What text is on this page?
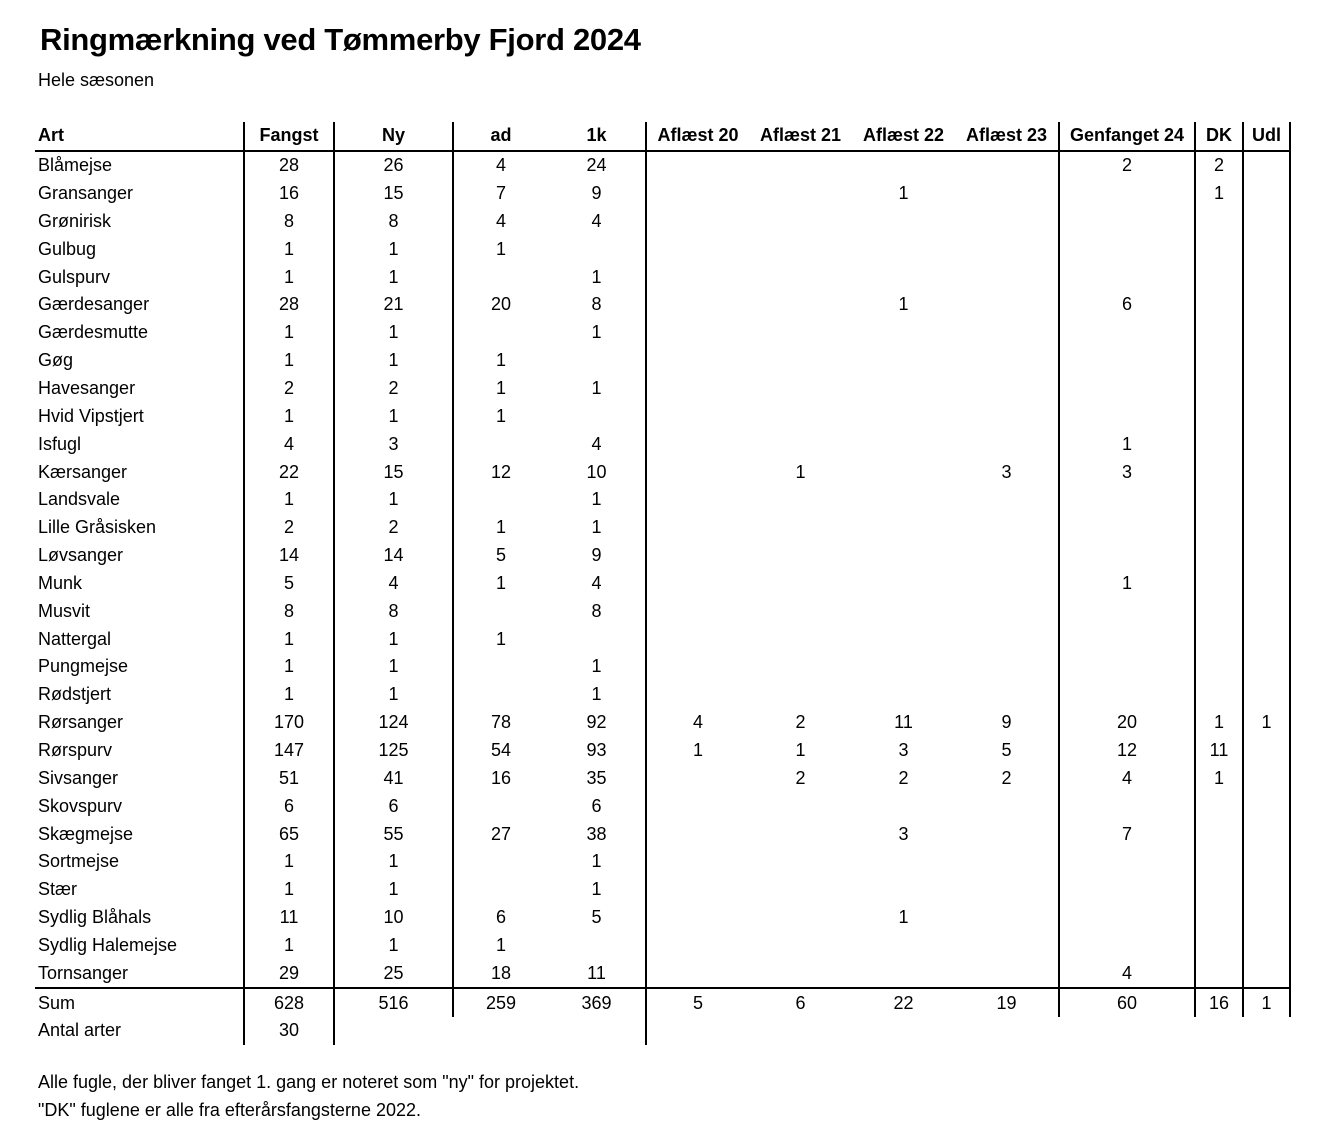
Ringmærkning ved Tømmerby Fjord 2024
Hele sæsonen
Art	Fangst	Ny	ad	1k	Aflæst 20	Aflæst 21	Aflæst 22	Aflæst 23	Genfanget 24	DK	Udl
Blåmejse	28	26	4	24					2	2	
Gransanger	16	15	7	9			1			1	
Grønirisk	8	8	4	4							
Gulbug	1	1	1								
Gulspurv	1	1		1							
Gærdesanger	28	21	20	8			1		6		
Gærdesmutte	1	1		1							
Gøg	1	1	1								
Havesanger	2	2	1	1							
Hvid Vipstjert	1	1	1								
Isfugl	4	3		4					1		
Kærsanger	22	15	12	10		1		3	3		
Landsvale	1	1		1							
Lille Gråsisken	2	2	1	1							
Løvsanger	14	14	5	9							
Munk	5	4	1	4					1		
Musvit	8	8		8							
Nattergal	1	1	1								
Pungmejse	1	1		1							
Rødstjert	1	1		1							
Rørsanger	170	124	78	92	4	2	11	9	20	1	1
Rørspurv	147	125	54	93	1	1	3	5	12	11	
Sivsanger	51	41	16	35		2	2	2	4	1	
Skovspurv	6	6		6							
Skægmejse	65	55	27	38			3		7		
Sortmejse	1	1		1							
Stær	1	1		1							
Sydlig Blåhals	11	10	6	5			1				
Sydlig Halemejse	1	1	1								
Tornsanger	29	25	18	11					4		
Sum	628	516	259	369	5	6	22	19	60	16	1
Antal arter	30										
Alle fugle, der bliver fanget 1. gang er noteret som "ny" for projektet.
"DK" fuglene er alle fra efterårsfangsterne 2022.
